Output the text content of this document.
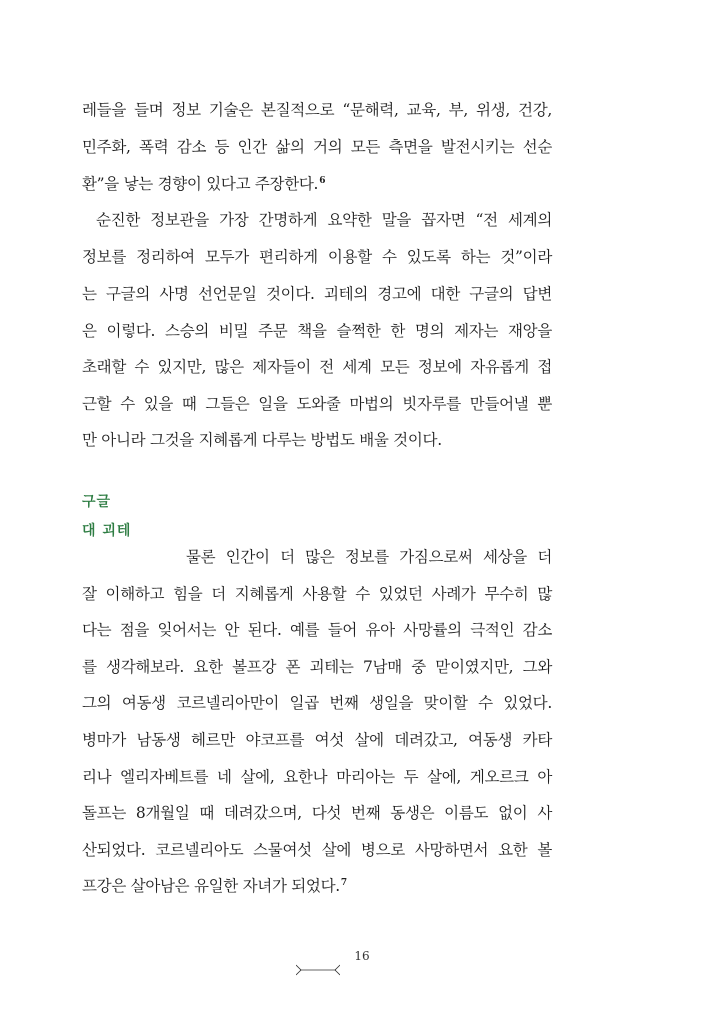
레들을 들며 정보 기술은 본질적으로 “문해력, 교육, 부, 위생, 건강,
민주화, 폭력 감소 등 인간 삶의 거의 모든 측면을 발전시키는 선순
환”을 낳는 경향이 있다고 주장한다.$^6$
순진한 정보관을 가장 간명하게 요약한 말을 꼽자면 “전 세계의
정보를 정리하여 모두가 편리하게 이용할 수 있도록 하는 것”이라
는 구글의 사명 선언문일 것이다. 괴테의 경고에 대한 구글의 답변
은 이렇다. 스승의 비밀 주문 책을 슬쩍한 한 명의 제자는 재앙을
초래할 수 있지만, 많은 제자들이 전 세계 모든 정보에 자유롭게 접
근할 수 있을 때 그들은 일을 도와줄 마법의 빗자루를 만들어낼 뿐
만 아니라 그것을 지혜롭게 다루는 방법도 배울 것이다.
구글
대 괴테
물론 인간이 더 많은 정보를 가짐으로써 세상을 더
잘 이해하고 힘을 더 지혜롭게 사용할 수 있었던 사례가 무수히 많
다는 점을 잊어서는 안 된다. 예를 들어 유아 사망률의 극적인 감소
를 생각해보라. 요한 볼프강 폰 괴테는 7남매 중 맏이였지만, 그와
그의 여동생 코르넬리아만이 일곱 번째 생일을 맞이할 수 있었다.
병마가 남동생 헤르만 야코프를 여섯 살에 데려갔고, 여동생 카타
리나 엘리자베트를 네 살에, 요한나 마리아는 두 살에, 게오르크 아
돌프는 8개월일 때 데려갔으며, 다섯 번째 동생은 이름도 없이 사
산되었다. 코르넬리아도 스물여섯 살에 병으로 사망하면서 요한 볼
프강은 살아남은 유일한 자녀가 되었다.$^7$
16
